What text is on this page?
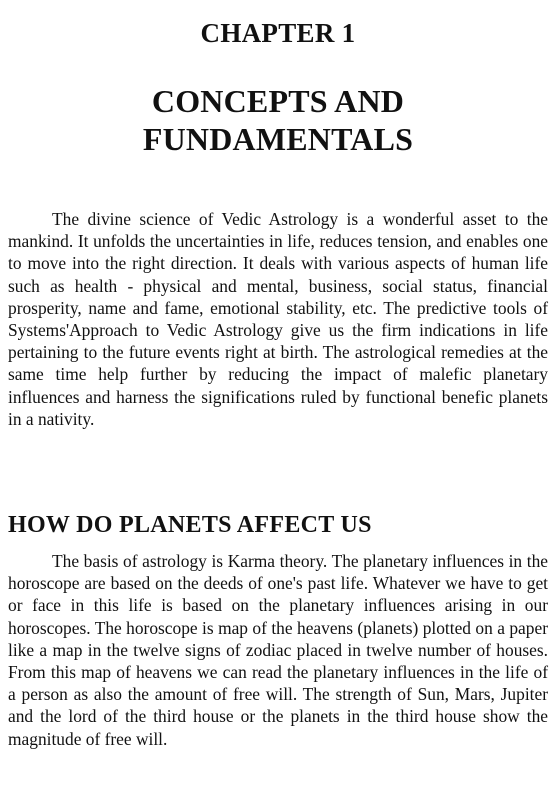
CHAPTER 1
CONCEPTS AND
FUNDAMENTALS

The divine science of Vedic Astrology is a wonderful asset to the mankind. It unfolds the uncertainties in life, reduces tension, and enables one to move into the right direction. It deals with various aspects of human life such as health - physical and mental, business, social status, financial prosperity, name and fame, emotional stability, etc. The predictive tools of Systems'Approach to Vedic Astrology give us the firm indications in life pertaining to the future events right at birth. The astrological remedies at the same time help further by reducing the impact of malefic planetary influences and harness the significations ruled by functional benefic planets in a nativity.

HOW DO PLANETS AFFECT US

The basis of astrology is Karma theory. The planetary influences in the horoscope are based on the deeds of one's past life. Whatever we have to get or face in this life is based on the planetary influences arising in our horoscopes. The horoscope is map of the heavens (planets) plotted on a paper like a map in the twelve signs of zodiac placed in twelve number of houses. From this map of heavens we can read the planetary influences in the life of a person as also the amount of free will. The strength of Sun, Mars, Jupiter and the lord of the third house or the planets in the third house show the magnitude of free will.
